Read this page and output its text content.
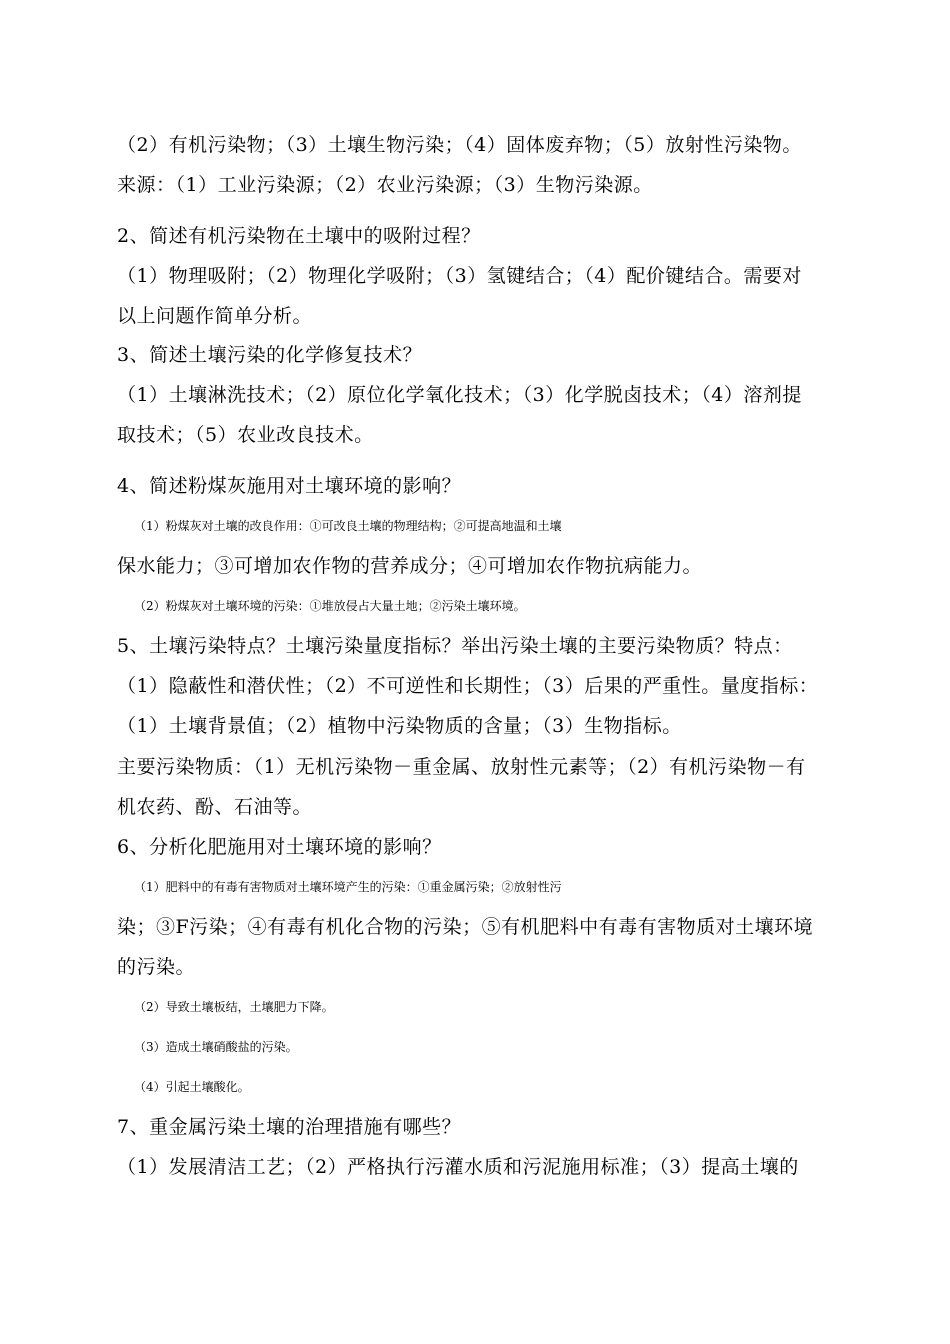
（2）有机污染物；（3）土壤生物污染；（4）固体废弃物；（5）放射性污染物。
来源：（1）工业污染源；（2）农业污染源；（3）生物污染源。
2、简述有机污染物在土壤中的吸附过程？
（1）物理吸附；（2）物理化学吸附；（3）氢键结合；（4）配价键结合。需要对
以上问题作简单分析。
3、简述土壤污染的化学修复技术？
（1）土壤淋洗技术；（2）原位化学氧化技术；（3）化学脱卤技术；（4）溶剂提
取技术；（5）农业改良技术。
4、简述粉煤灰施用对土壤环境的影响？
（1）粉煤灰对土壤的改良作用：①可改良土壤的物理结构；②可提高地温和土壤
保水能力；③可增加农作物的营养成分；④可增加农作物抗病能力。
（2）粉煤灰对土壤环境的污染：①堆放侵占大量土地；②污染土壤环境。
5、土壤污染特点？土壤污染量度指标？举出污染土壤的主要污染物质？特点：
（1）隐蔽性和潜伏性；（2）不可逆性和长期性；（3）后果的严重性。量度指标：
（1）土壤背景值；（2）植物中污染物质的含量；（3）生物指标。
主要污染物质：（1）无机污染物－重金属、放射性元素等；（2）有机污染物－有
机农药、酚、石油等。
6、分析化肥施用对土壤环境的影响？
（1）肥料中的有毒有害物质对土壤环境产生的污染：①重金属污染；②放射性污
染；③F污染；④有毒有机化合物的污染；⑤有机肥料中有毒有害物质对土壤环境
的污染。
（2）导致土壤板结，土壤肥力下降。
（3）造成土壤硝酸盐的污染。
（4）引起土壤酸化。
7、重金属污染土壤的治理措施有哪些？
（1）发展清洁工艺；（2）严格执行污灌水质和污泥施用标准；（3）提高土壤的
